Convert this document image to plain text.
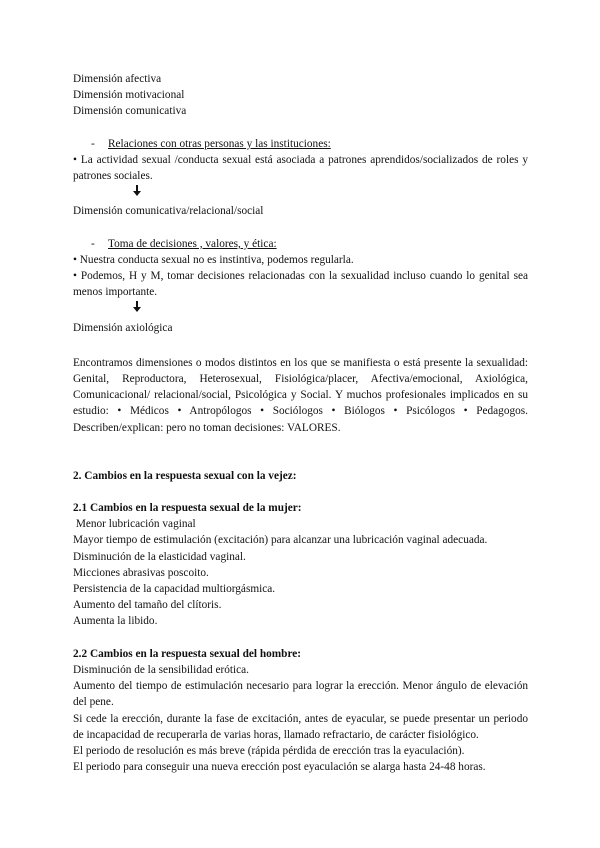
Dimensión afectiva
Dimensión motivacional
Dimensión comunicativa
- Relaciones con otras personas y las instituciones:
• La actividad sexual /conducta sexual está asociada a patrones aprendidos/socializados de roles y patrones sociales.
Dimensión comunicativa/relacional/social
- Toma de decisiones , valores, y ética:
• Nuestra conducta sexual no es instintiva, podemos regularla.
• Podemos, H y M, tomar decisiones relacionadas con la sexualidad incluso cuando lo genital sea menos importante.
Dimensión axiológica
Encontramos dimensiones o modos distintos en los que se manifiesta o está presente la sexualidad: Genital, Reproductora, Heterosexual, Fisiológica/placer, Afectiva/emocional, Axiológica, Comunicacional/ relacional/social, Psicológica y Social. Y muchos profesionales implicados en su estudio: • Médicos • Antropólogos • Sociólogos • Biólogos • Psicólogos • Pedagogos. Describen/explican: pero no toman decisiones: VALORES.
2. Cambios en la respuesta sexual con la vejez:
2.1 Cambios en la respuesta sexual de la mujer:
Menor lubricación vaginal
Mayor tiempo de estimulación (excitación) para alcanzar una lubricación vaginal adecuada.
Disminución de la elasticidad vaginal.
Micciones abrasivas poscoito.
Persistencia de la capacidad multiorgásmica.
Aumento del tamaño del clítoris.
Aumenta la libido.
2.2 Cambios en la respuesta sexual del hombre:
Disminución de la sensibilidad erótica.
Aumento del tiempo de estimulación necesario para lograr la erección. Menor ángulo de elevación del pene.
Si cede la erección, durante la fase de excitación, antes de eyacular, se puede presentar un periodo de incapacidad de recuperarla de varias horas, llamado refractario, de carácter fisiológico.
El periodo de resolución es más breve (rápida pérdida de erección tras la eyaculación).
El periodo para conseguir una nueva erección post eyaculación se alarga hasta 24-48 horas.
